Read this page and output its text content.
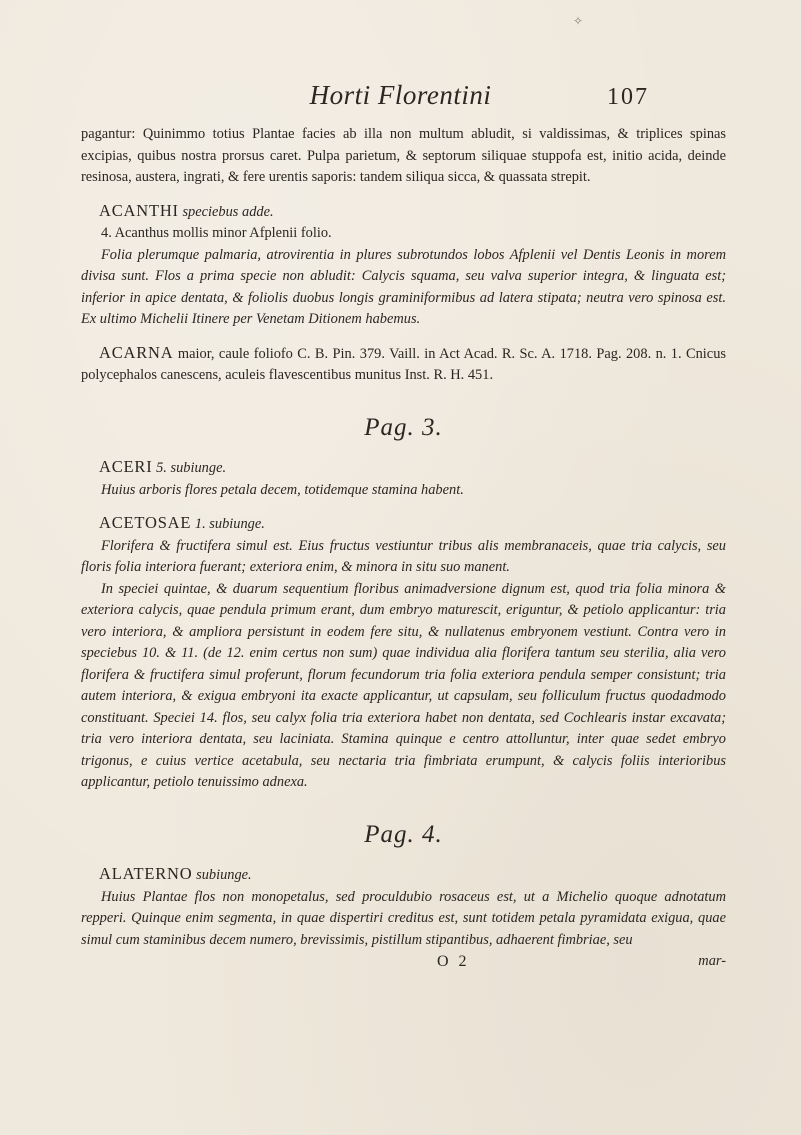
✧
Horti Florentini	107

pagantur: Quinimmo totius Plantae facies ab illa non multum abludit, si valdissimas, & triplices spinas excipias, quibus nostra prorsus caret. Pulpa parietum, & septorum siliquae stuppofa est, initio acida, deinde resinosa, austera, ingrati, & fere urentis saporis: tandem siliqua sicca, & quassata strepit.

ACANTHI speciebus adde.

4. Acanthus mollis minor Afplenii folio.

Folia plerumque palmaria, atrovirentia in plures subrotundos lobos Afplenii vel Dentis Leonis in morem divisa sunt. Flos a prima specie non abludit: Calycis squama, seu valva superior integra, & linguata est; inferior in apice dentata, & foliolis duobus longis graminiformibus ad latera stipata; neutra vero spinosa est. Ex ultimo Michelii Itinere per Venetam Ditionem habemus.

ACARNA maior, caule foliofo C. B. Pin. 379. Vaill. in Act Acad. R. Sc. A. 1718. Pag. 208. n. 1. Cnicus polycephalos canescens, aculeis flavescentibus munitus Inst. R. H. 451.

Pag. 3.

ACERI 5. subiunge.

Huius arboris flores petala decem, totidemque stamina habent.

ACETOSAE 1. subiunge.

Florifera & fructifera simul est. Eius fructus vestiuntur tribus alis membranaceis, quae tria calycis, seu floris folia interiora fuerant; exteriora enim, & minora in situ suo manent.

In speciei quintae, & duarum sequentium floribus animadversione dignum est, quod tria folia minora & exteriora calycis, quae pendula primum erant, dum embryo maturescit, eriguntur, & petiolo applicantur: tria vero interiora, & ampliora persistunt in eodem fere situ, & nullatenus embryonem vestiunt. Contra vero in speciebus 10. & 11. (de 12. enim certus non sum) quae individua alia florifera tantum seu sterilia, alia vero florifera & fructifera simul proferunt, florum fecundorum tria folia exteriora pendula semper consistunt; tria autem interiora, & exigua embryoni ita exacte applicantur, ut capsulam, seu folliculum fructus quodadmodo constituant. Speciei 14. flos, seu calyx folia tria exteriora habet non dentata, sed Cochlearis instar excavata; tria vero interiora dentata, seu laciniata. Stamina quinque e centro attolluntur, inter quae sedet embryo trigonus, e cuius vertice acetabula, seu nectaria tria fimbriata erumpunt, & calycis foliis interioribus applicantur, petiolo tenuissimo adnexa.

Pag. 4.

ALATERNO subiunge.

Huius Plantae flos non monopetalus, sed proculdubio rosaceus est, ut a Michelio quoque adnotatum repperi. Quinque enim segmenta, in quae dispertiri creditus est, sunt totidem petala pyramidata exigua, quae simul cum staminibus decem numero, brevissimis, pistillum stipantibus, adhaerent fimbriae, seu

O 2	mar-
